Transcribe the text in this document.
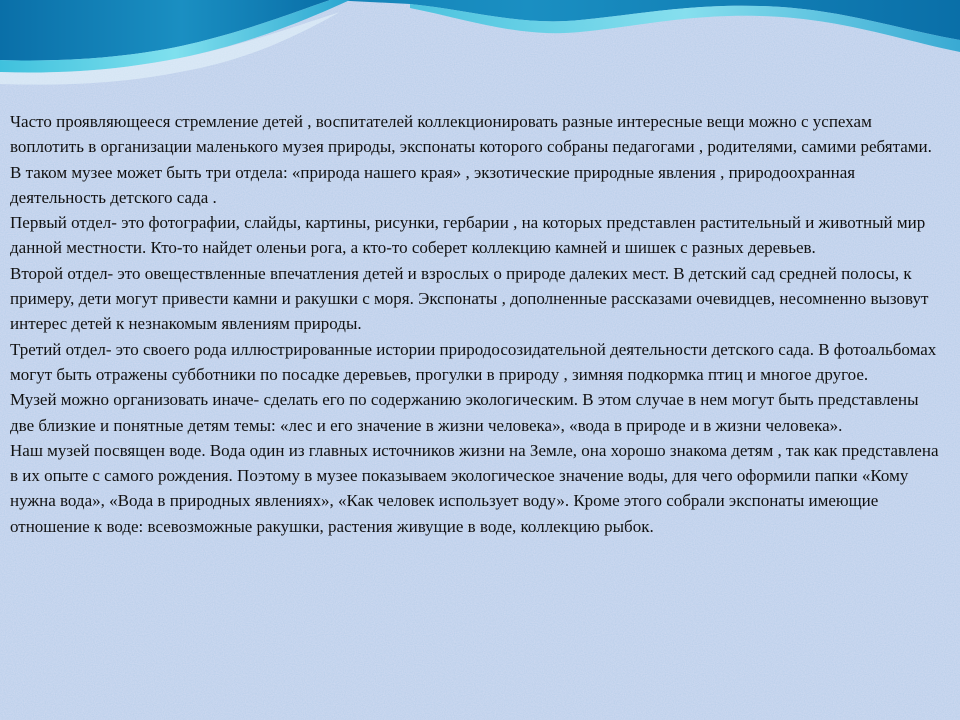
Часто проявляющееся стремление детей , воспитателей коллекционировать разные интересные вещи можно с успехам воплотить в организации маленького музея природы, экспонаты которого собраны педагогами , родителями, самими ребятами. В таком музее может быть три отдела: «природа нашего края» , экзотические природные явления , природоохранная деятельность детского сада .

Первый отдел- это фотографии, слайды, картины, рисунки, гербарии , на которых представлен растительный и животный мир данной местности. Кто-то найдет оленьи рога, а кто-то соберет коллекцию камней и шишек с разных деревьев.

Второй отдел- это овеществленные впечатления детей и взрослых о природе далеких мест. В детский сад средней полосы, к примеру, дети могут привести камни и ракушки с моря. Экспонаты , дополненные рассказами очевидцев, несомненно вызовут интерес детей к незнакомым явлениям природы.

Третий отдел- это своего рода иллюстрированные истории природосозидательной деятельности детского сада. В фотоальбомах могут быть отражены субботники по посадке деревьев, прогулки в природу , зимняя подкормка птиц и многое другое.

Музей можно организовать иначе- сделать его по содержанию экологическим. В этом случае в нем могут быть представлены две близкие и понятные детям темы: «лес и его значение в жизни человека», «вода в природе и в жизни человека».

Наш музей посвящен воде. Вода один из главных источников жизни на Земле, она хорошо знакома детям , так как представлена в их опыте с самого рождения. Поэтому в музее показываем экологическое значение воды, для чего оформили папки «Кому нужна вода», «Вода в природных явлениях», «Как человек использует воду». Кроме этого собрали экспонаты имеющие отношение к воде: всевозможные ракушки, растения живущие в воде, коллекцию рыбок.
